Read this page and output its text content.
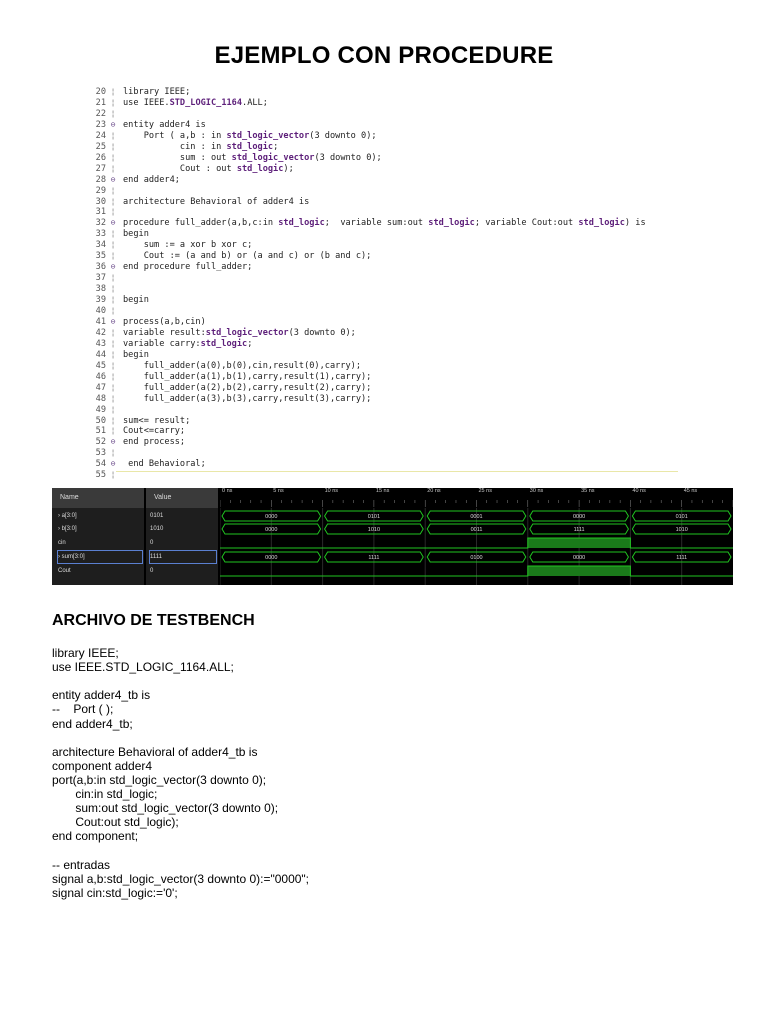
EJEMPLO CON PROCEDURE
20 ¦ library IEEE;
21 ¦ use IEEE.STD_LOGIC_1164.ALL;
22 ¦
23 ⊖ entity adder4 is
24 ¦ Port ( a,b : in std_logic_vector(3 downto 0);
25 ¦ cin : in std_logic;
26 ¦ sum : out std_logic_vector(3 downto 0);
27 ¦ Cout : out std_logic);
28 ⊖ end adder4;
29 ¦
30 ¦ architecture Behavioral of adder4 is
31 ¦
32 ⊖ procedure full_adder(a,b,c:in std_logic;  variable sum:out std_logic; variable Cout:out std_logic) is
33 ¦ begin
34 ¦ sum := a xor b xor c;
35 ¦ Cout := (a and b) or (a and c) or (b and c);
36 ⊖ end procedure full_adder;
37 ¦
38 ¦
39 ¦ begin
40 ¦
41 ⊖ process(a,b,cin)
42 ¦ variable result:std_logic_vector(3 downto 0);
43 ¦ variable carry:std_logic;
44 ¦ begin
45 ¦ full_adder(a(0),b(0),cin,result(0),carry);
46 ¦ full_adder(a(1),b(1),carry,result(1),carry);
47 ¦ full_adder(a(2),b(2),carry,result(2),carry);
48 ¦ full_adder(a(3),b(3),carry,result(3),carry);
49 ¦
50 ¦ sum<= result;
51 ¦ Cout<=carry;
52 ⊖ end process;
53 ¦
54 ⊖ end Behavioral;
55 ¦
Name	Value
0 ns	5 ns	10 ns	15 ns	20 ns	25 ns	30 ns	35 ns	40 ns	45 ns
0000	0101	0001	0000	0101
0000	1010	0011	1111	1010
0000	1111	0100	0000	1111
› a[3:0]	0101
› b[3:0]	1010
cin	0
› sum[3:0]	1111
Cout	0
ARCHIVO DE TESTBENCH
library IEEE;
use IEEE.STD_LOGIC_1164.ALL;
entity adder4_tb is
--    Port ( );
end adder4_tb;
architecture Behavioral of adder4_tb is
component adder4
port(a,b:in std_logic_vector(3 downto 0);
cin:in std_logic;
sum:out std_logic_vector(3 downto 0);
Cout:out std_logic);
end component;
-- entradas
signal a,b:std_logic_vector(3 downto 0):="0000";
signal cin:std_logic:='0';
